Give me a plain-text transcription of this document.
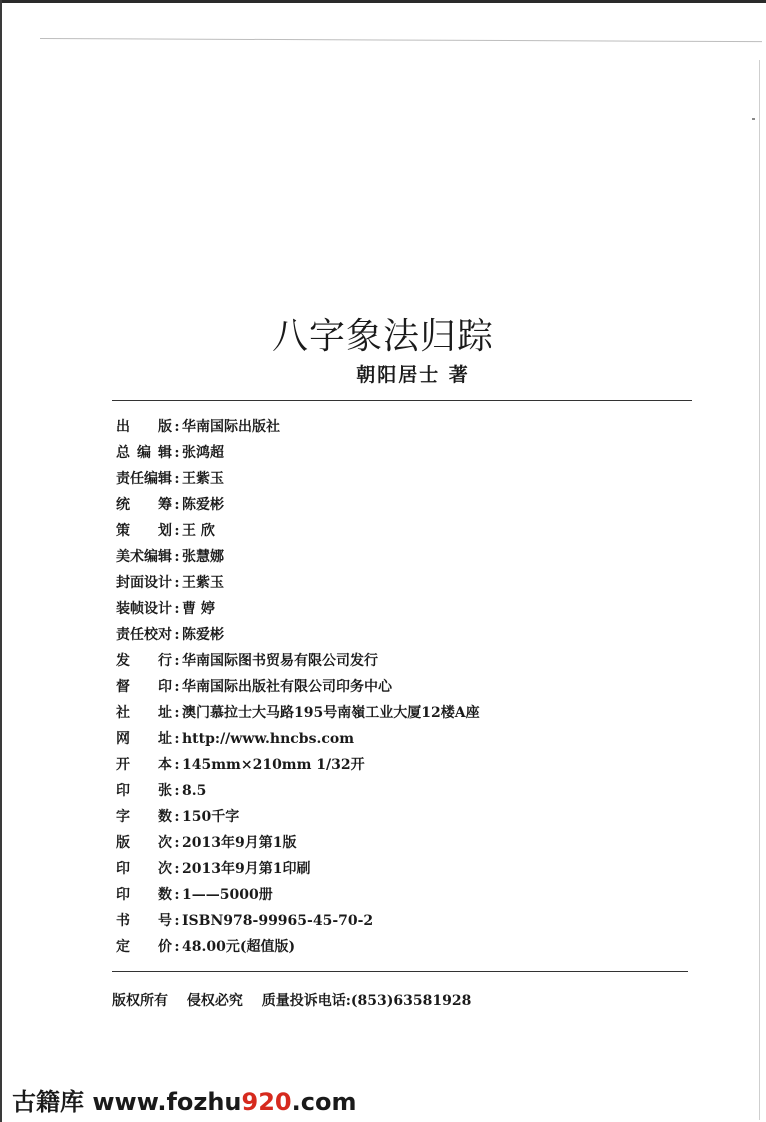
八字象法归踪
朝阳居士 著
出 版 : 华南国际出版社
总 编 辑 : 张鸿超
责 任 编 辑 : 王紫玉
统 筹 : 陈爱彬
策 划 : 王 欣
美 术 编 辑 : 张慧娜
封 面 设 计 : 王紫玉
装 帧 设 计 : 曹 婷
责 任 校 对 : 陈爱彬
发 行 : 华南国际图书贸易有限公司发行
督 印 : 华南国际出版社有限公司印务中心
社 址 : 澳门慕拉士大马路195号南嶺工业大厦12楼A座
网 址 : http://www.hncbs.com
开 本 : 145mm×210mm 1/32开
印 张 : 8.5
字 数 : 150千字
版 次 : 2013年9月第1版
印 次 : 2013年9月第1印刷
印 数 : 1——5000册
书 号 : ISBN978-99965-45-70-2
定 价 : 48.00元(超值版)
版权所有 侵权必究 质量投诉电话:(853)63581928
古籍库 www.fozhu920.com
